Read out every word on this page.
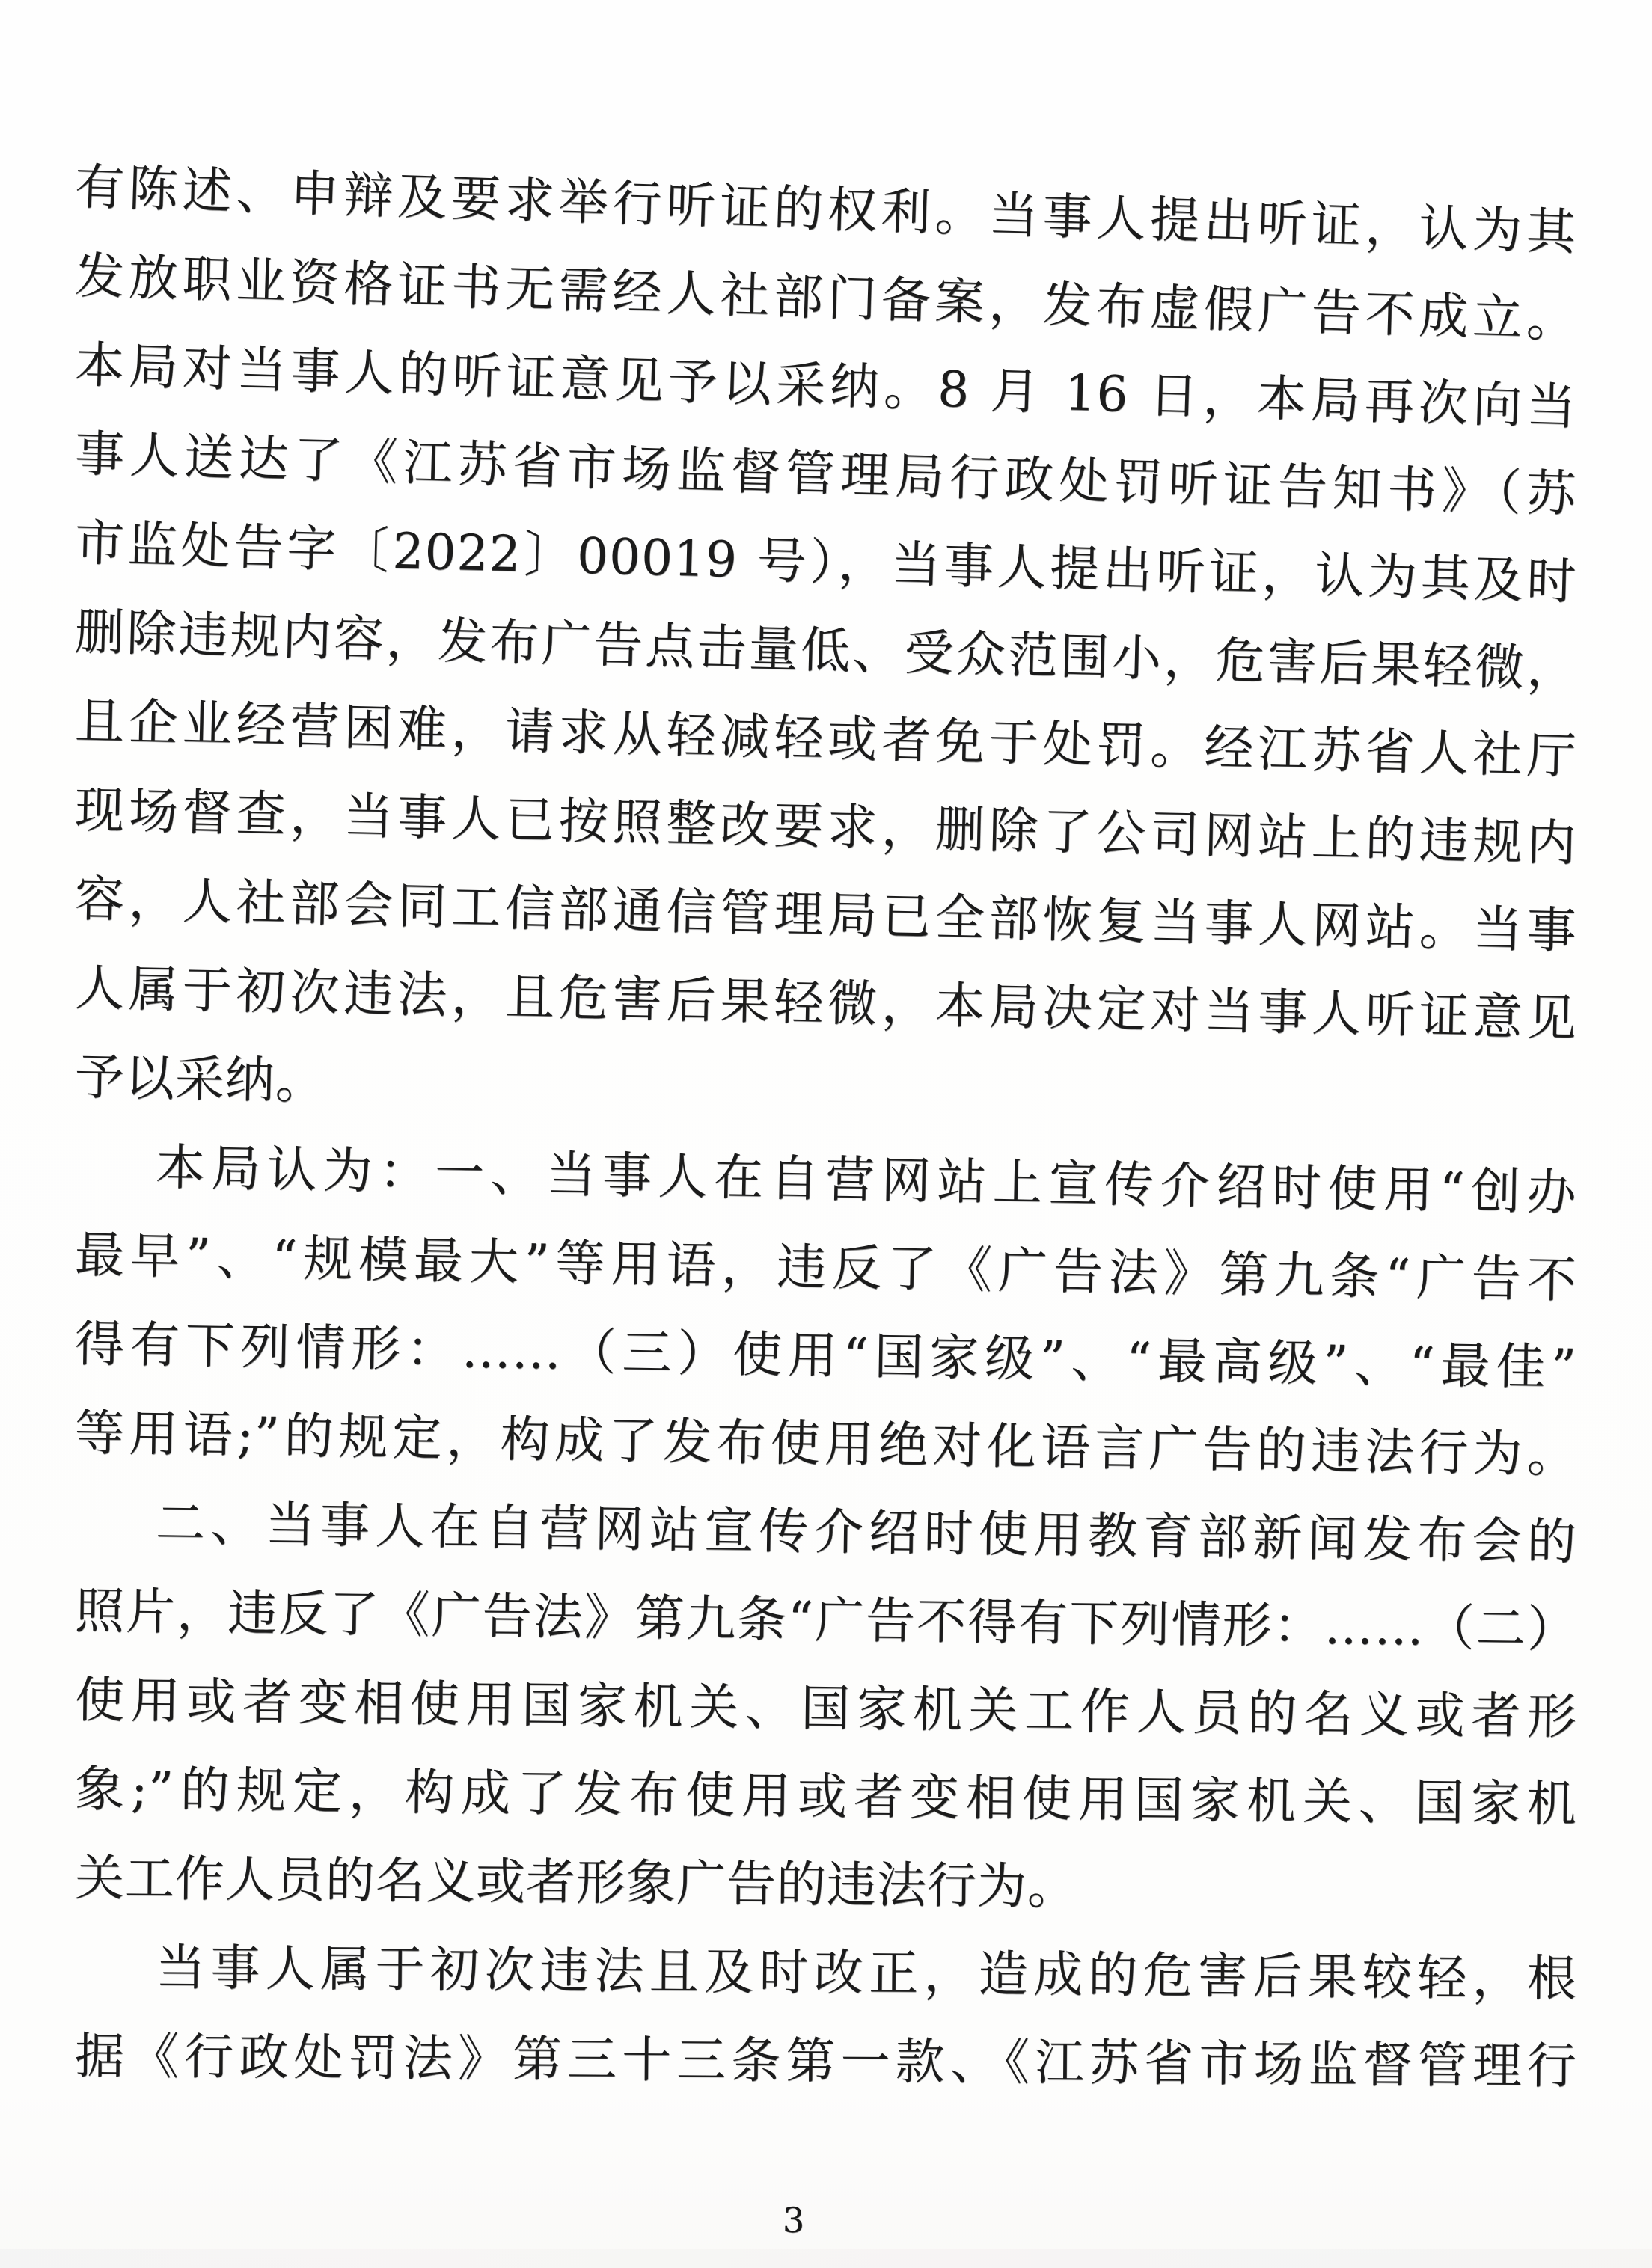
有陈述、申辩及要求举行听证的权利。当事人提出听证，认为其
发放职业资格证书无需经人社部门备案，发布虚假广告不成立。
本局对当事人的听证意见予以采纳。8 月 16 日，本局再次向当
事人送达了《江苏省市场监督管理局行政处罚听证告知书》（苏
市监处告字〔2022〕00019 号），当事人提出听证，认为其及时
删除违规内容，发布广告点击量低、受众范围小，危害后果轻微，
且企业经营困难，请求从轻减轻或者免于处罚。经江苏省人社厅
现场督查，当事人已按照整改要求，删除了公司网站上的违规内
容，人社部会同工信部通信管理局已全部恢复当事人网站。当事
人属于初次违法，且危害后果轻微，本局决定对当事人听证意见
予以采纳。
本局认为：一、当事人在自营网站上宣传介绍时使用“创办
最早”、“规模最大”等用语，违反了《广告法》第九条“广告不
得有下列情形：……（三）使用“国家级”、“最高级”、“最佳”
等用语;”的规定，构成了发布使用绝对化语言广告的违法行为。
二、当事人在自营网站宣传介绍时使用教育部新闻发布会的
照片，违反了《广告法》第九条“广告不得有下列情形：……（二）
使用或者变相使用国家机关、国家机关工作人员的名义或者形
象;”的规定，构成了发布使用或者变相使用国家机关、国家机
关工作人员的名义或者形象广告的违法行为。
当事人属于初次违法且及时改正，造成的危害后果较轻，根
据《行政处罚法》第三十三条第一款、《江苏省市场监督管理行
3
